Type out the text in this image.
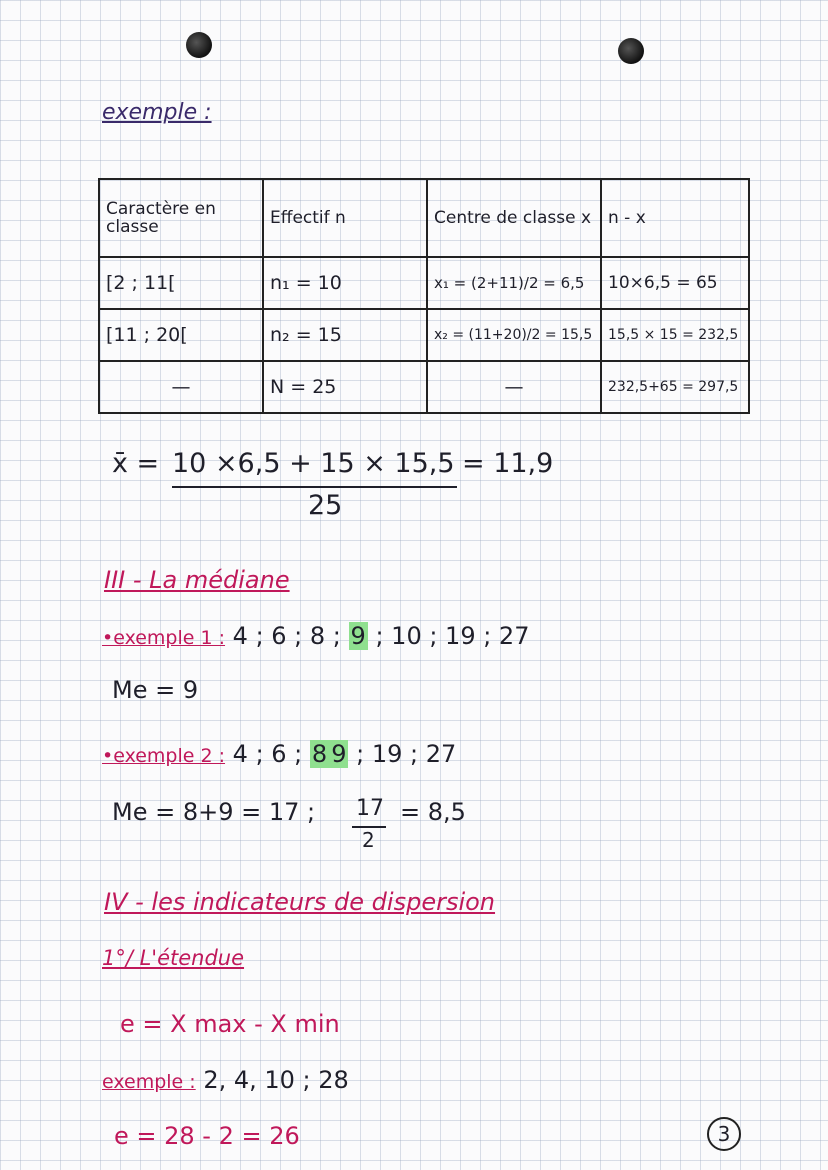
exemple :
Caractère en classe	Effectif n	Centre de classe x	n - x
[2 ; 11[	n₁ = 10	x₁ = (2+11)/2 = 6,5	10×6,5 = 65
[11 ; 20[	n₂ = 15	x₂ = (11+20)/2 = 15,5	15,5 × 15 = 232,5
—	N = 25	—	232,5+65 = 297,5
x̄ = 10 ×6,5 + 15 × 15,5 = 11,9
25
III - La médiane
•exemple 1 : 4 ; 6 ; 8 ; 9 ; 10 ; 19 ; 27
Me = 9
•exemple 2 : 4 ; 6 ; 8 9 ; 19 ; 27
Me = 8+9 = 17 ; 17
2
= 8,5
IV - les indicateurs de dispersion
1°/ L'étendue
e = X max - X min
exemple : 2, 4, 10 ; 28
e = 28 - 2 = 26	3
